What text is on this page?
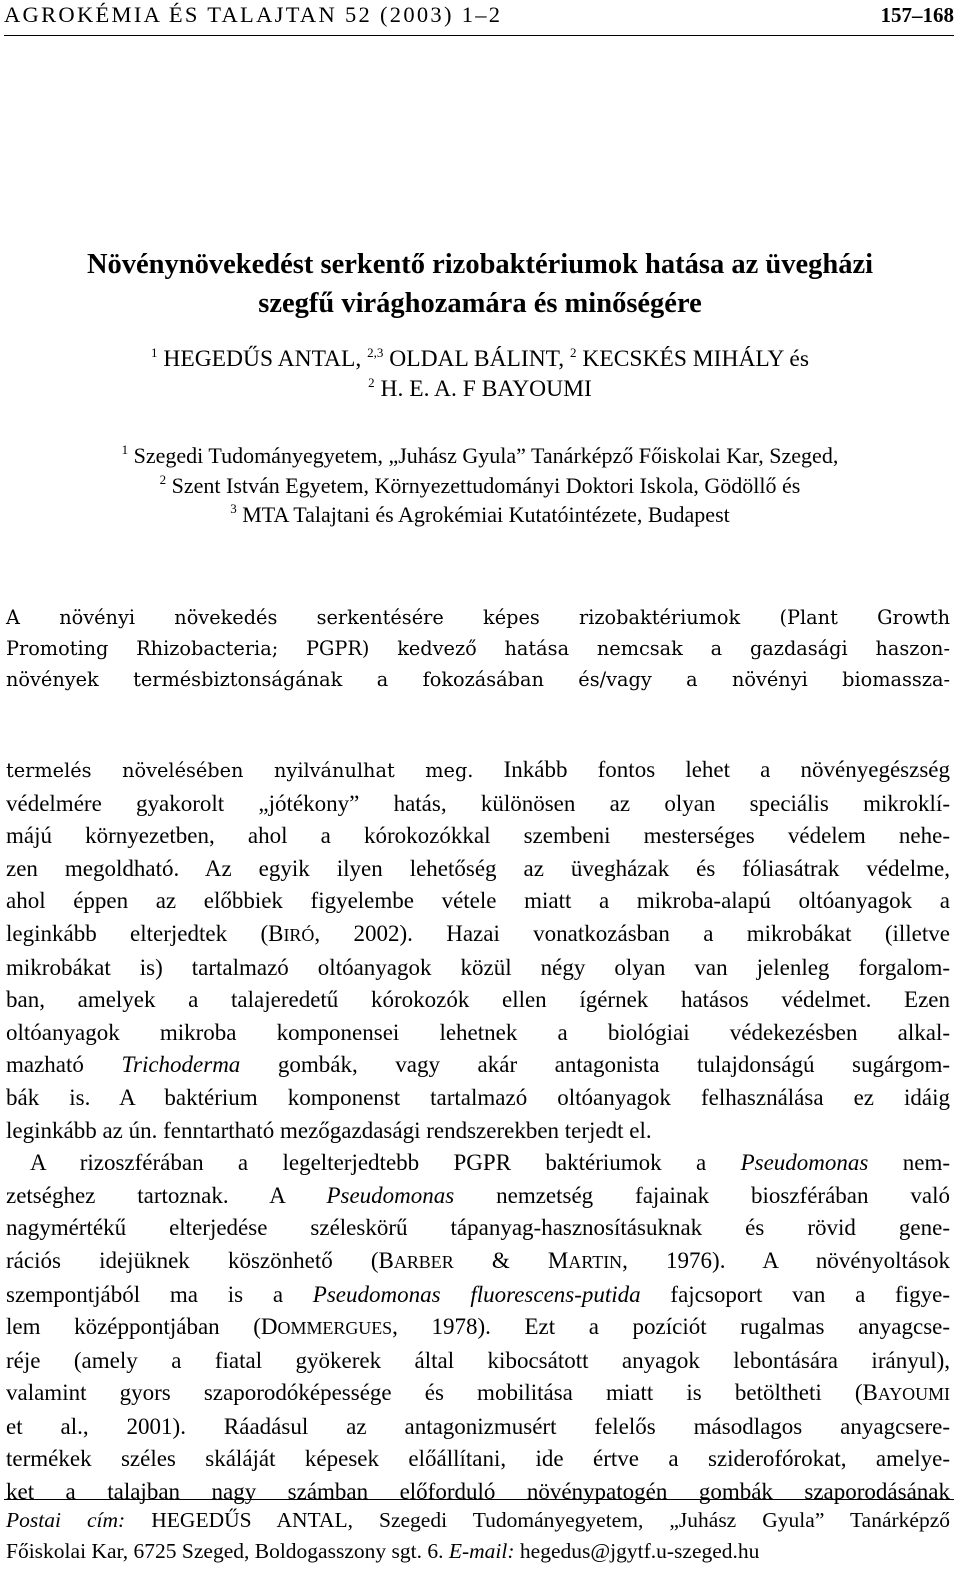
AGROKÉMIA ÉS TALAJTAN 52 (2003) 1–2	157–168
Növénynövekedést serkentő rizobaktériumok hatása az üvegházi
szegfű virághozamára és minőségére
$^1$ HEGEDŰS ANTAL, $^{2,3}$ OLDAL BÁLINT, $^2$ KECSKÉS MIHÁLY és
$^2$ H. E. A. F BAYOUMI
$^1$ Szegedi Tudományegyetem, „Juhász Gyula” Tanárképző Főiskolai Kar, Szeged,
$^2$ Szent István Egyetem, Környezettudományi Doktori Iskola, Gödöllő és
$^3$ MTA Talajtani és Agrokémiai Kutatóintézete, Budapest
A növényi növekedés serkentésére képes rizobaktériumok (Plant Growth
Promoting Rhizobacteria; PGPR) kedvező hatása nemcsak a gazdasági haszon-
növények termésbiztonságának a fokozásában és/vagy a növényi biomassza-

termelés növelésében nyilvánulhat meg. Inkább fontos lehet a növényegészség
védelmére gyakorolt „jótékony” hatás, különösen az olyan speciális mikroklí-
májú környezetben, ahol a kórokozókkal szembeni mesterséges védelem nehe-
zen megoldható. Az egyik ilyen lehetőség az üvegházak és fóliasátrak védelme,
ahol éppen az előbbiek figyelembe vétele miatt a mikroba-alapú oltóanyagok a
leginkább elterjedtek (BIRÓ, 2002). Hazai vonatkozásban a mikrobákat (illetve
mikrobákat is) tartalmazó oltóanyagok közül négy olyan van jelenleg forgalom-
ban, amelyek a talajeredetű kórokozók ellen ígérnek hatásos védelmet. Ezen
oltóanyagok mikroba komponensei lehetnek a biológiai védekezésben alkal-
mazható Trichoderma gombák, vagy akár antagonista tulajdonságú sugárgom-
bák is. A baktérium komponenst tartalmazó oltóanyagok felhasználása ez idáig
leginkább az ún. fenntartható mezőgazdasági rendszerekben terjedt el.

A rizoszférában a legelterjedtebb PGPR baktériumok a Pseudomonas nem-
zetséghez tartoznak. A Pseudomonas nemzetség fajainak bioszférában való
nagymértékű elterjedése széleskörű tápanyag-hasznosításuknak és rövid gene-
rációs idejüknek köszönhető (BARBER & MARTIN, 1976). A növényoltások
szempontjából ma is a Pseudomonas fluorescens-putida fajcsoport van a figye-
lem középpontjában (DOMMERGUES, 1978). Ezt a pozíciót rugalmas anyagcse-
réje (amely a fiatal gyökerek által kibocsátott anyagok lebontására irányul),
valamint gyors szaporodóképessége és mobilitása miatt is betöltheti (BAYOUMI
et al., 2001). Ráadásul az antagonizmusért felelős másodlagos anyagcsere-
termékek széles skáláját képesek előállítani, ide értve a sziderofórokat, amelye-
ket a talajban nagy számban előforduló növénypatogén gombák szaporodásának

Postai cím: HEGEDŰS ANTAL, Szegedi Tudományegyetem, „Juhász Gyula” Tanárképző
Főiskolai Kar, 6725 Szeged, Boldogasszony sgt. 6. E-mail: hegedus@jgytf.u-szeged.hu
